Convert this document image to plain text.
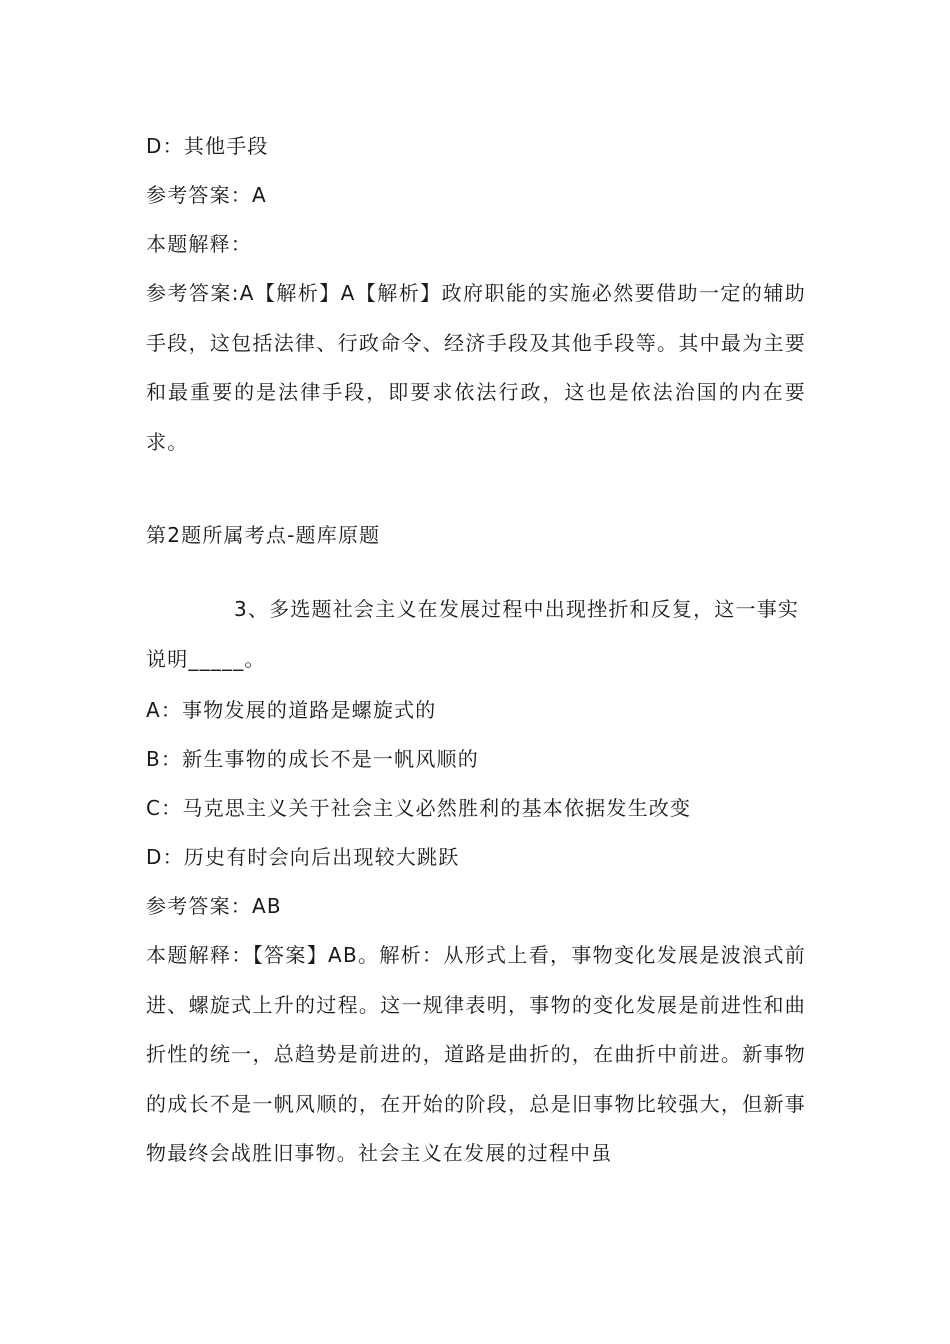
D：其他手段
参考答案：A
本题解释：
参考答案:A【解析】A【解析】政府职能的实施必然要借助一定的辅助手段，这包括法律、行政命令、经济手段及其他手段等。其中最为主要和最重要的是法律手段，即要求依法行政，这也是依法治国的内在要求。
第2题所属考点-题库原题
3、多选题社会主义在发展过程中出现挫折和反复，这一事实说明_____。
A：事物发展的道路是螺旋式的
B：新生事物的成长不是一帆风顺的
C：马克思主义关于社会主义必然胜利的基本依据发生改变
D：历史有时会向后出现较大跳跃
参考答案：AB
本题解释：【答案】AB。解析：从形式上看，事物变化发展是波浪式前进、螺旋式上升的过程。这一规律表明，事物的变化发展是前进性和曲折性的统一，总趋势是前进的，道路是曲折的，在曲折中前进。新事物的成长不是一帆风顺的，在开始的阶段，总是旧事物比较强大，但新事物最终会战胜旧事物。社会主义在发展的过程中虽
